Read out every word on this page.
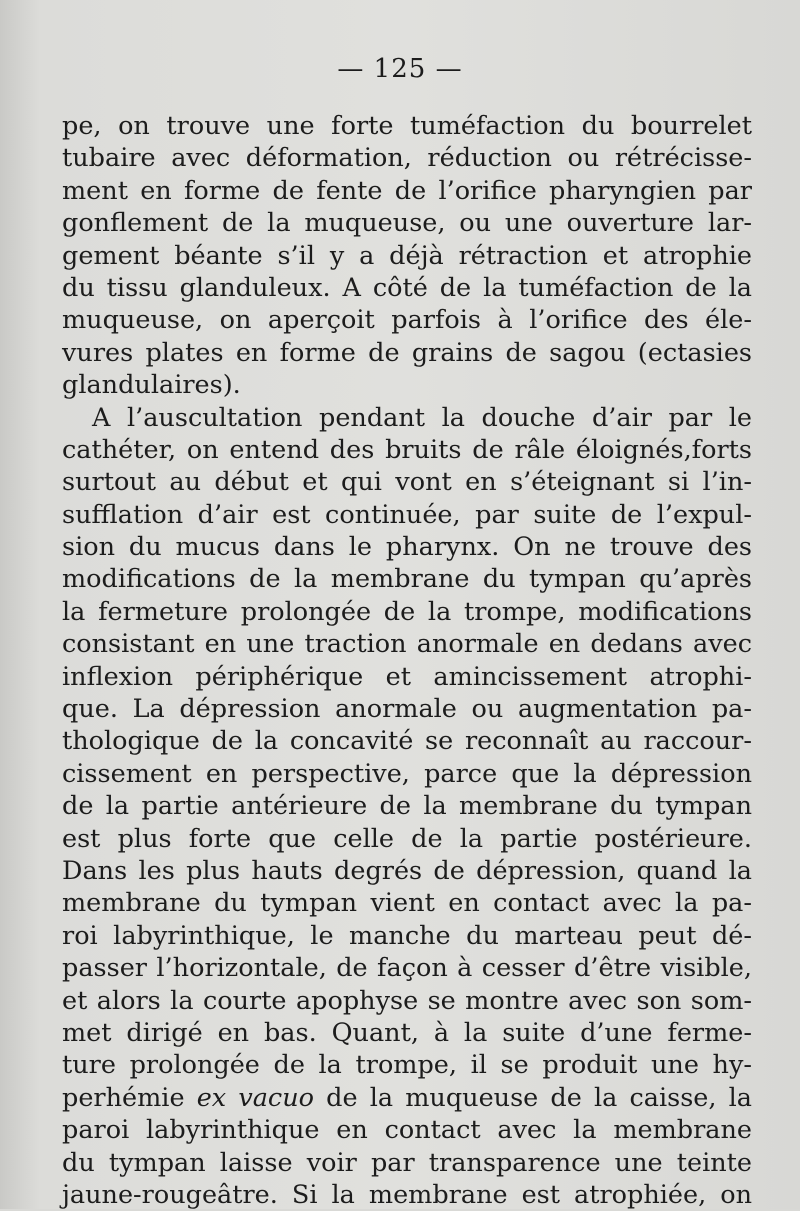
— 125 —
pe, on trouve une forte tuméfaction du bourrelet
tubaire avec déformation, réduction ou rétrécisse-
ment en forme de fente de l’orifice pharyngien par
gonflement de la muqueuse, ou une ouverture lar-
gement béante s’il y a déjà rétraction et atrophie
du tissu glanduleux. A côté de la tuméfaction de la
muqueuse, on aperçoit parfois à l’orifice des éle-
vures plates en forme de grains de sagou (ectasies
glandulaires).
A l’auscultation pendant la douche d’air par le
cathéter, on entend des bruits de râle éloignés,forts
surtout au début et qui vont en s’éteignant si l’in-
sufflation d’air est continuée, par suite de l’expul-
sion du mucus dans le pharynx. On ne trouve des
modifications de la membrane du tympan qu’après
la fermeture prolongée de la trompe, modifications
consistant en une traction anormale en dedans avec
inflexion périphérique et amincissement atrophi-
que. La dépression anormale ou augmentation pa-
thologique de la concavité se reconnaît au raccour-
cissement en perspective, parce que la dépression
de la partie antérieure de la membrane du tympan
est plus forte que celle de la partie postérieure.
Dans les plus hauts degrés de dépression, quand la
membrane du tympan vient en contact avec la pa-
roi labyrinthique, le manche du marteau peut dé-
passer l’horizontale, de façon à cesser d’être visible,
et alors la courte apophyse se montre avec son som-
met dirigé en bas. Quant, à la suite d’une ferme-
ture prolongée de la trompe, il se produit une hy-
perhémie ex vacuo de la muqueuse de la caisse, la
paroi labyrinthique en contact avec la membrane
du tympan laisse voir par transparence une teinte
jaune-rougeâtre. Si la membrane est atrophiée, on
